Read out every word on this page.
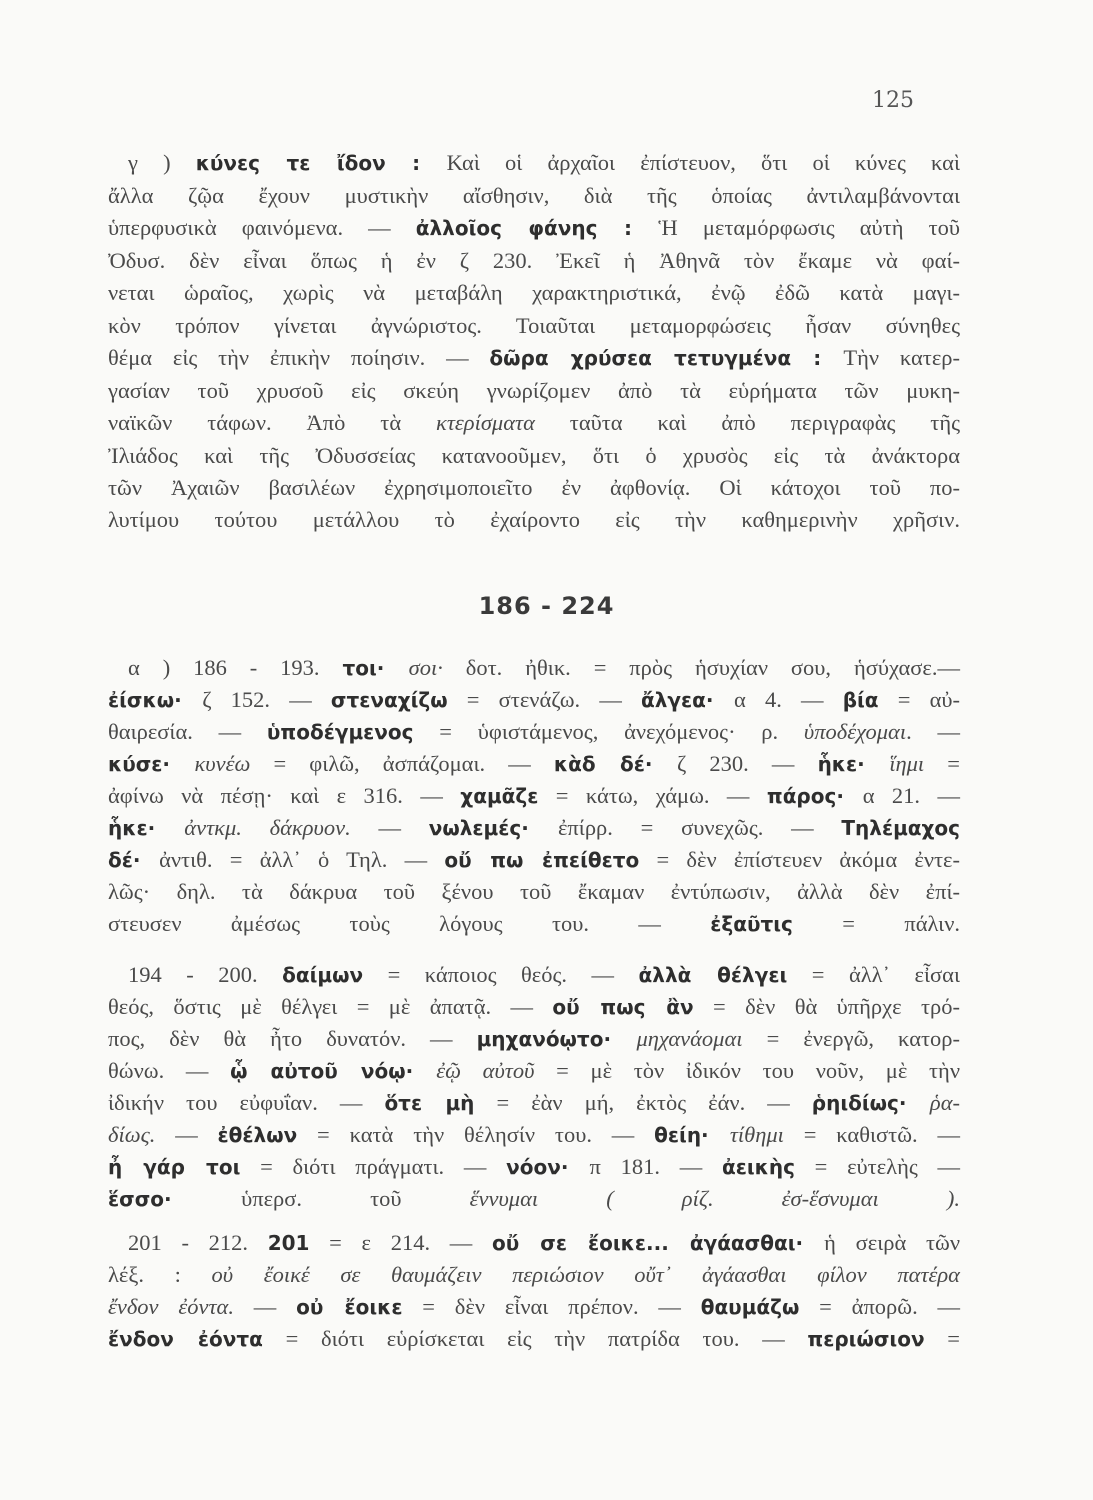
125
186 - 224
γ ) κύνες τε ἴδον : Καὶ οἱ ἀρχαῖοι ἐπίστευον, ὅτι οἱ κύνες καὶ
ἄλλα ζῷα ἔχουν μυστικὴν αἴσθησιν, διὰ τῆς ὁποίας ἀντιλαμβάνονται
ὑπερφυσικὰ φαινόμενα. — ἀλλοῖος φάνης : Ἡ μεταμόρφωσις αὐτὴ τοῦ
Ὀδυσ. δὲν εἶναι ὅπως ἡ ἐν ζ 230. Ἐκεῖ ἡ Ἀθηνᾶ τὸν ἔκαμε νὰ φαί-
νεται ὡραῖος, χωρὶς νὰ μεταβάλη χαρακτηριστικά, ἐνῷ ἐδῶ κατὰ μαγι-
κὸν τρόπον γίνεται ἀγνώριστος. Τοιαῦται μεταμορφώσεις ἦσαν σύνηθες
θέμα εἰς τὴν ἐπικὴν ποίησιν. — δῶρα χρύσεα τετυγμένα : Τὴν κατερ-
γασίαν τοῦ χρυσοῦ εἰς σκεύη γνωρίζομεν ἀπὸ τὰ εὑρήματα τῶν μυκη-
ναϊκῶν τάφων. Ἀπὸ τὰ κτερίσματα ταῦτα καὶ ἀπὸ περιγραφὰς τῆς
Ἰλιάδος καὶ τῆς Ὀδυσσείας κατανοοῦμεν, ὅτι ὁ χρυσὸς εἰς τὰ ἀνάκτορα
τῶν Ἀχαιῶν βασιλέων ἐχρησιμοποιεῖτο ἐν ἀφθονίᾳ. Οἱ κάτοχοι τοῦ πο-
λυτίμου τούτου μετάλλου τὸ ἐχαίροντο εἰς τὴν καθημερινὴν χρῆσιν.
α ) 186 - 193. τοι· σοι· δοτ. ἠθικ. = πρὸς ἡσυχίαν σου, ἡσύχασε.—
ἐίσκω· ζ 152. — στεναχίζω = στενάζω. — ἄλγεα· α 4. — βία = αὐ-
θαιρεσία. — ὑποδέγμενος = ὑφιστάμενος, ἀνεχόμενος· ρ. ὑποδέχομαι. —
κύσε· κυνέω = φιλῶ, ἀσπάζομαι. — κὰδ δέ· ζ 230. — ἧκε· ἵημι =
ἀφίνω νὰ πέσῃ· καὶ ε 316. — χαμᾶζε = κάτω, χάμω. — πάρος· α 21. —
ἧκε· ἀντκμ. δάκρυον. — νωλεμές· ἐπίρρ. = συνεχῶς. — Τηλέμαχος
δέ· ἀντιθ. = ἀλλ᾿ ὁ Τηλ. — οὔ πω ἐπείθετο = δὲν ἐπίστευεν ἀκόμα ἐντε-
λῶς· δηλ. τὰ δάκρυα τοῦ ξένου τοῦ ἔκαμαν ἐντύπωσιν, ἀλλὰ δὲν ἐπί-
στευσεν ἀμέσως τοὺς λόγους του. — ἐξαῦτις = πάλιν.
194 - 200. δαίμων = κάποιος θεός. — ἀλλὰ θέλγει = ἀλλ᾿ εἶσαι
θεός, ὅστις μὲ θέλγει = μὲ ἀπατᾷ. — οὔ πως ἂν = δὲν θὰ ὑπῆρχε τρό-
πος, δὲν θὰ ἦτο δυνατόν. — μηχανόῳτο· μηχανάομαι = ἐνεργῶ, κατορ-
θώνω. — ᾧ αὐτοῦ νόῳ· ἐῷ αὐτοῦ = μὲ τὸν ἰδικόν του νοῦν, μὲ τὴν
ἰδικήν του εὐφυΐαν. — ὅτε μὴ = ἐὰν μή, ἐκτὸς ἐάν. — ῥηιδίως· ῥα-
δίως. — ἐθέλων = κατὰ τὴν θέλησίν του. — θείη· τίθημι = καθιστῶ. —
ἦ γάρ τοι = διότι πράγματι. — νόον· π 181. — ἀεικὴς = εὐτελὴς —
ἕσσο· ὑπερσ. τοῦ ἕννυμαι ( ρίζ. ἐσ-ἕσνυμαι ).
201 - 212. 201 = ε 214. — οὔ σε ἔοικε... ἀγάασθαι· ἡ σειρὰ τῶν
λέξ. : οὐ ἔοικέ σε θαυμάζειν περιώσιον οὔτ᾿ ἀγάασθαι φίλον πατέρα
ἔνδον ἐόντα. — οὐ ἔοικε = δὲν εἶναι πρέπον. — θαυμάζω = ἀπορῶ. —
ἔνδον ἐόντα = διότι εὑρίσκεται εἰς τὴν πατρίδα του. — περιώσιον =
